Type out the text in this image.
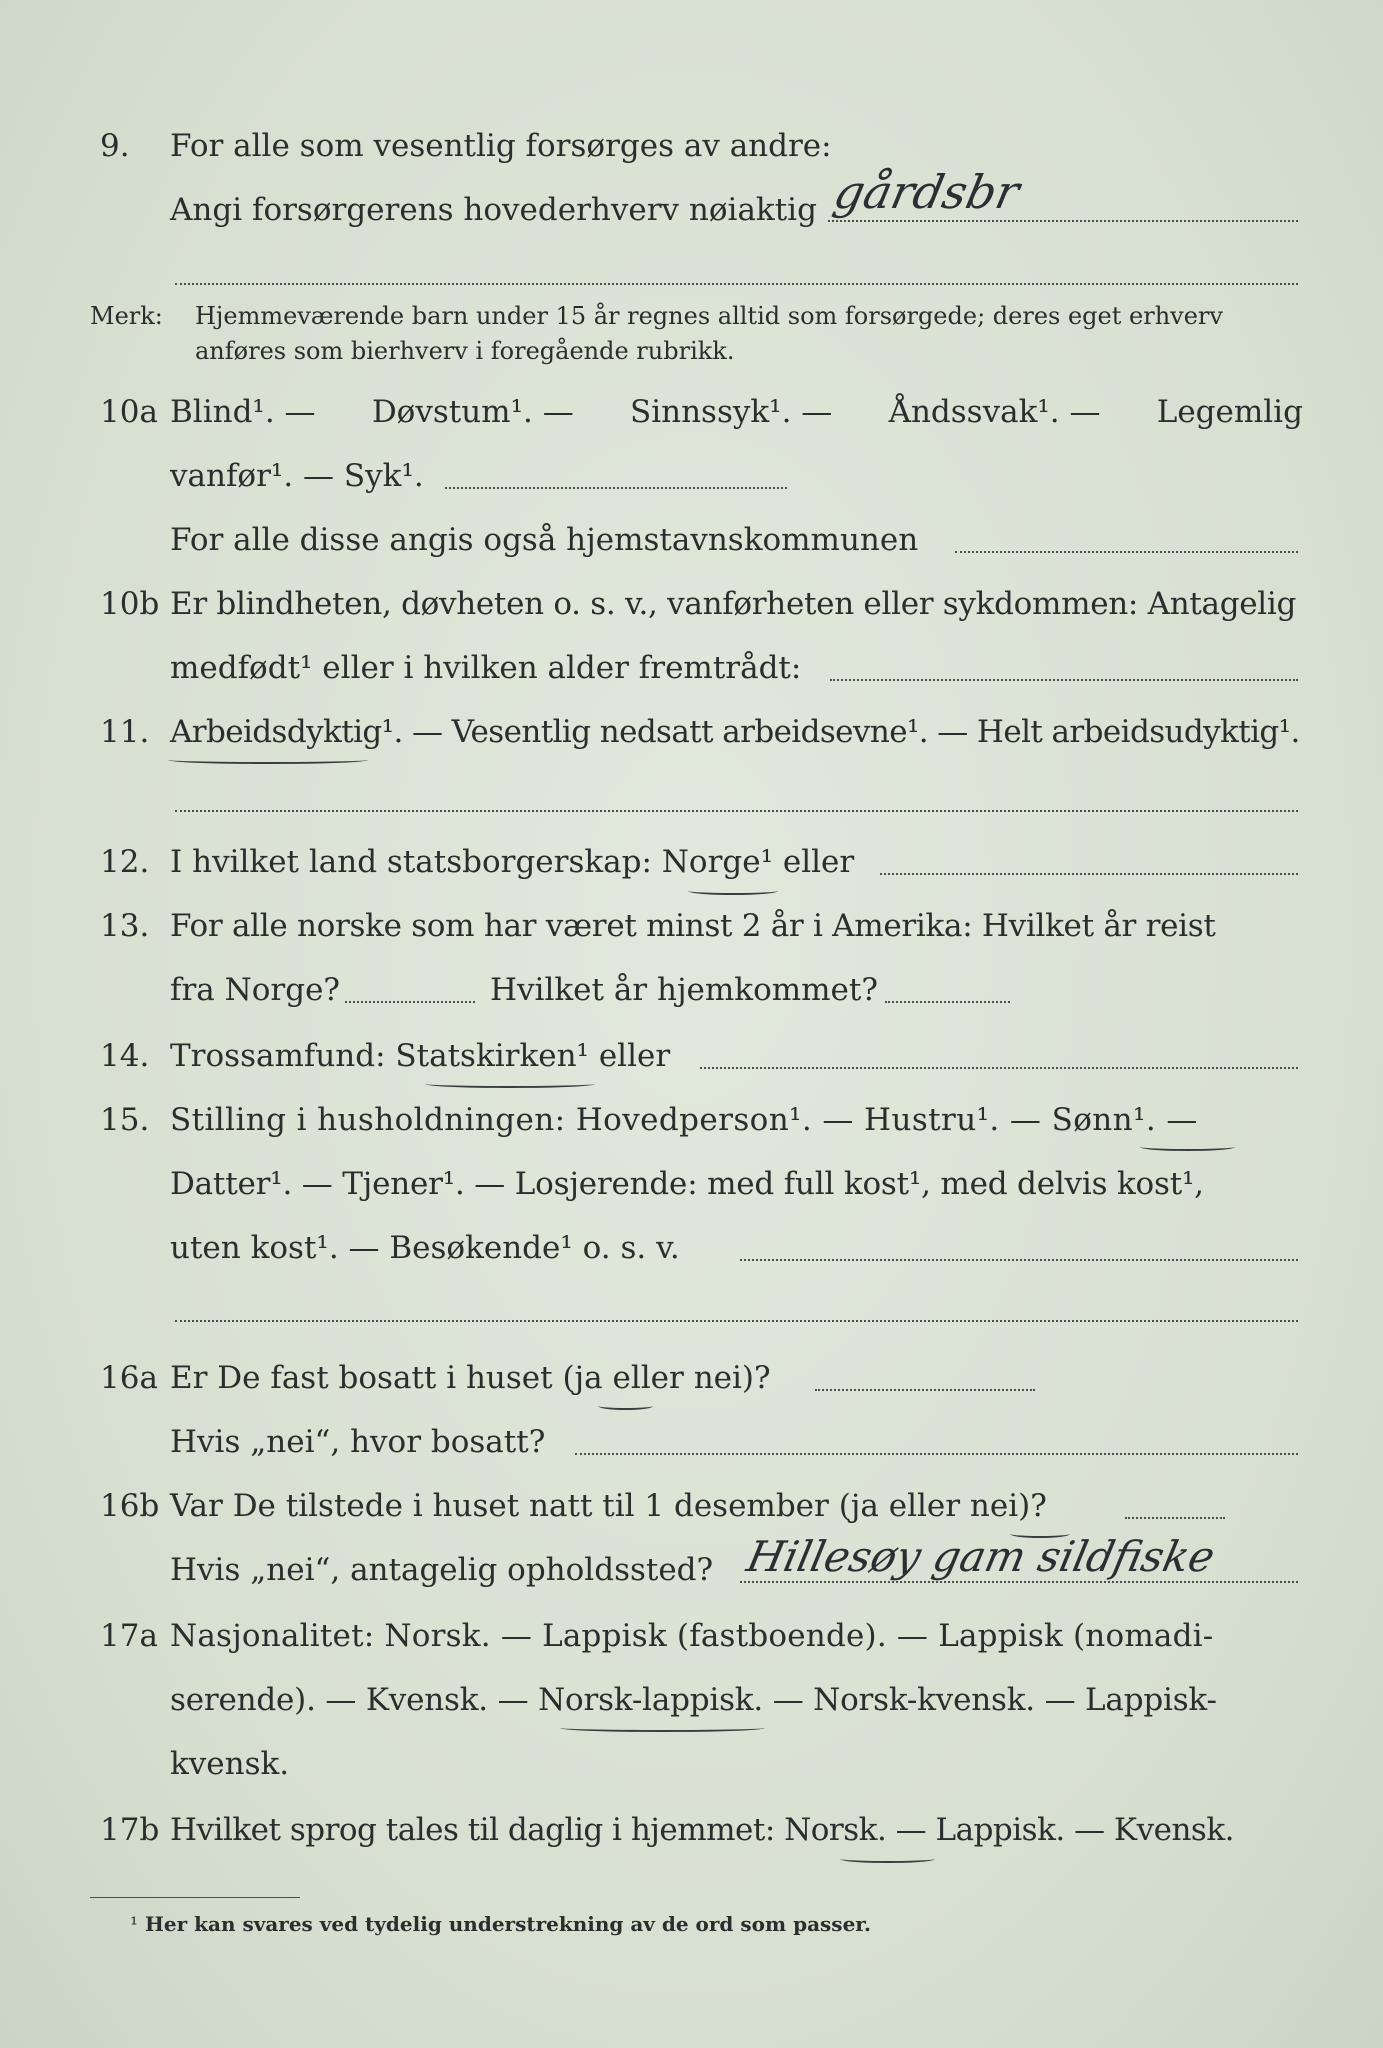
9. For alle som vesentlig forsørges av andre:
Angi forsørgerens hovederhverv nøiaktig gårdsbr
Merk: Hjemmeværende barn under 15 år regnes alltid som forsørgede; deres eget erhverv
anføres som bierhverv i foregående rubrikk.
10a Blind¹. — Døvstum¹. — Sinnssyk¹. — Åndssvak¹. — Legemlig
vanfør¹. — Syk¹.
For alle disse angis også hjemstavnskommunen
10b Er blindheten, døvheten o. s. v., vanførheten eller sykdommen: Antagelig
medfødt¹ eller i hvilken alder fremtrådt:
11. Arbeidsdyktig¹. — Vesentlig nedsatt arbeidsevne¹. — Helt arbeidsudyktig¹.
12. I hvilket land statsborgerskap: Norge¹ eller
13. For alle norske som har været minst 2 år i Amerika: Hvilket år reist
fra Norge?	Hvilket år hjemkommet?
14. Trossamfund: Statskirken¹ eller
15. Stilling i husholdningen: Hovedperson¹. — Hustru¹. — Sønn¹. —
Datter¹. — Tjener¹. — Losjerende: med full kost¹, med delvis kost¹,
uten kost¹. — Besøkende¹ o. s. v.
16a Er De fast bosatt i huset (ja eller nei)?
Hvis „nei“, hvor bosatt?
16b Var De tilstede i huset natt til 1 desember (ja eller nei)?
Hvis „nei“, antagelig opholdssted? Hillesøy gam sildfiske
17a Nasjonalitet: Norsk. — Lappisk (fastboende). — Lappisk (nomadi-
serende). — Kvensk. — Norsk-lappisk. — Norsk-kvensk. — Lappisk-
kvensk.
17b Hvilket sprog tales til daglig i hjemmet: Norsk. — Lappisk. — Kvensk.
¹ Her kan svares ved tydelig understrekning av de ord som passer.
